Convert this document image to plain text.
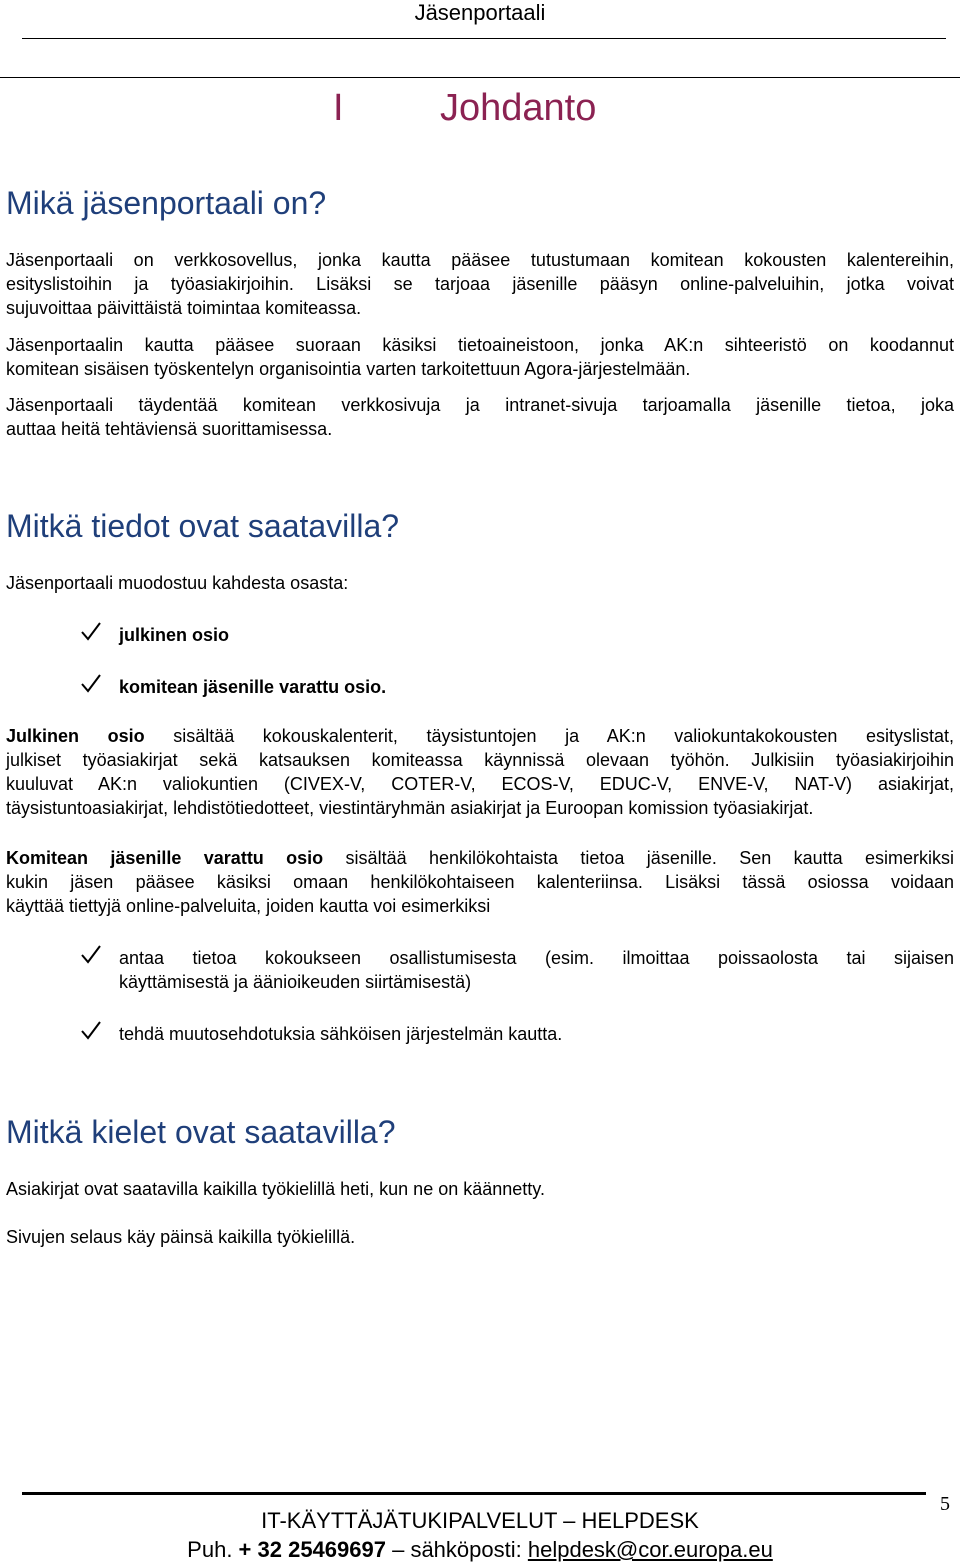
Jäsenportaali
I	Johdanto
Mikä jäsenportaali on?

Jäsenportaali on verkkosovellus, jonka kautta pääsee tutustumaan komitean kokousten kalentereihin,
esityslistoihin ja työasiakirjoihin. Lisäksi se tarjoaa jäsenille pääsyn online-palveluihin, jotka voivat
sujuvoittaa päivittäistä toimintaa komiteassa.

Jäsenportaalin kautta pääsee suoraan käsiksi tietoaineistoon, jonka AK:n sihteeristö on koodannut
komitean sisäisen työskentelyn organisointia varten tarkoitettuun Agora-järjestelmään.

Jäsenportaali täydentää komitean verkkosivuja ja intranet-sivuja tarjoamalla jäsenille tietoa, joka
auttaa heitä tehtäviensä suorittamisessa.

Mitkä tiedot ovat saatavilla?

Jäsenportaali muodostuu kahdesta osasta:

julkinen osio
komitean jäsenille varattu osio.

Julkinen osio sisältää kokouskalenterit, täysistuntojen ja AK:n valiokuntakokousten esityslistat,
julkiset työasiakirjat sekä katsauksen komiteassa käynnissä olevaan työhön. Julkisiin työasiakirjoihin
kuuluvat AK:n valiokuntien (CIVEX-V, COTER-V, ECOS-V, EDUC-V, ENVE-V, NAT-V) asiakirjat,
täysistuntoasiakirjat, lehdistötiedotteet, viestintäryhmän asiakirjat ja Euroopan komission työasiakirjat.

Komitean jäsenille varattu osio sisältää henkilökohtaista tietoa jäsenille. Sen kautta esimerkiksi
kukin jäsen pääsee käsiksi omaan henkilökohtaiseen kalenteriinsa. Lisäksi tässä osiossa voidaan
käyttää tiettyjä online-palveluita, joiden kautta voi esimerkiksi

antaa tietoa kokoukseen osallistumisesta (esim. ilmoittaa poissaolosta tai sijaisen
käyttämisestä ja äänioikeuden siirtämisestä)
tehdä muutosehdotuksia sähköisen järjestelmän kautta.
Mitkä kielet ovat saatavilla?

Asiakirjat ovat saatavilla kaikilla työkielillä heti, kun ne on käännetty.

Sivujen selaus käy päinsä kaikilla työkielillä.

5
IT-KÄYTTÄJÄTUKIPALVELUT – HELPDESK
Puh. + 32 25469697 – sähköposti: helpdesk@cor.europa.eu
